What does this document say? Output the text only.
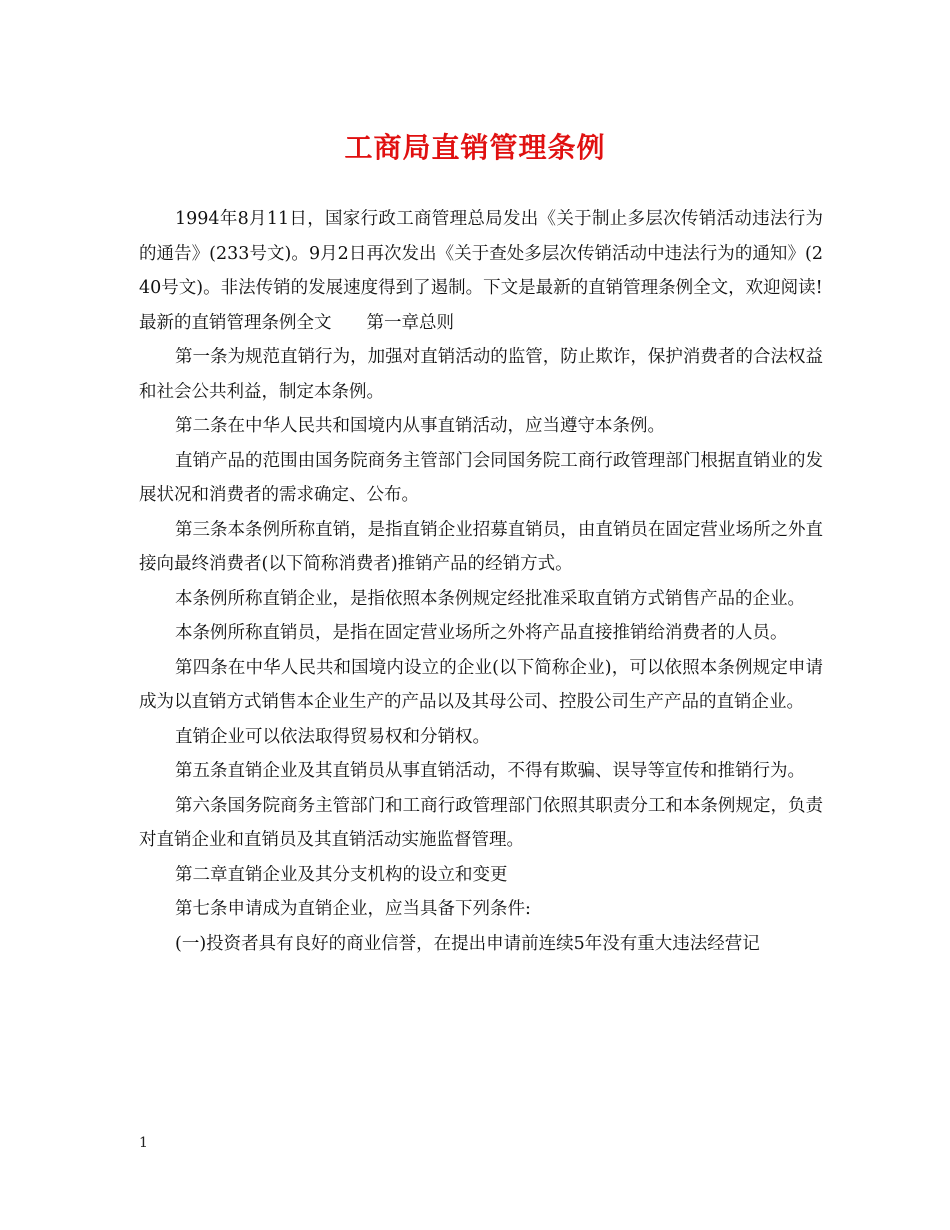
工商局直销管理条例

1994年8月11日，国家行政工商管理总局发出《关于制止多层次传销活动违法行为的通告》(233号文)。9月2日再次发出《关于查处多层次传销活动中违法行为的通知》(240号文)。非法传销的发展速度得到了遏制。下文是最新的直销管理条例全文，欢迎阅读!

最新的直销管理条例全文　　第一章总则

第一条为规范直销行为，加强对直销活动的监管，防止欺诈，保护消费者的合法权益和社会公共利益，制定本条例。

第二条在中华人民共和国境内从事直销活动，应当遵守本条例。

直销产品的范围由国务院商务主管部门会同国务院工商行政管理部门根据直销业的发展状况和消费者的需求确定、公布。

第三条本条例所称直销，是指直销企业招募直销员，由直销员在固定营业场所之外直接向最终消费者(以下简称消费者)推销产品的经销方式。

本条例所称直销企业，是指依照本条例规定经批准采取直销方式销售产品的企业。

本条例所称直销员，是指在固定营业场所之外将产品直接推销给消费者的人员。

第四条在中华人民共和国境内设立的企业(以下简称企业)，可以依照本条例规定申请成为以直销方式销售本企业生产的产品以及其母公司、控股公司生产产品的直销企业。

直销企业可以依法取得贸易权和分销权。

第五条直销企业及其直销员从事直销活动，不得有欺骗、误导等宣传和推销行为。

第六条国务院商务主管部门和工商行政管理部门依照其职责分工和本条例规定，负责对直销企业和直销员及其直销活动实施监督管理。

第二章直销企业及其分支机构的设立和变更

第七条申请成为直销企业，应当具备下列条件:

(一)投资者具有良好的商业信誉，在提出申请前连续5年没有重大违法经营记

1
